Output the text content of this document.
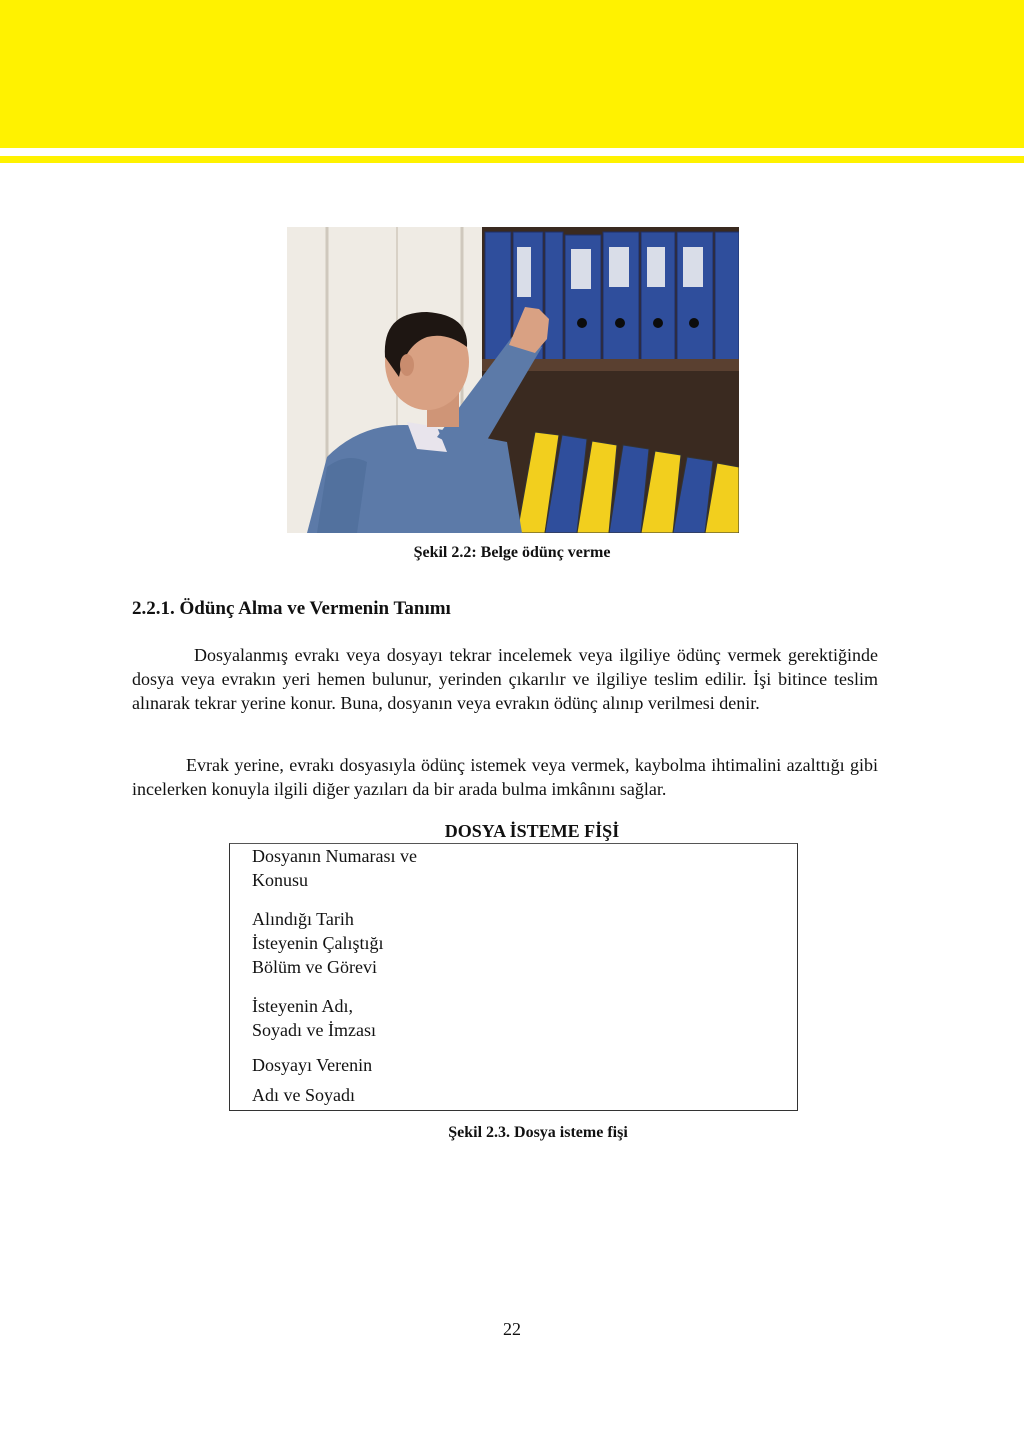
Şekil 2.2: Belge ödünç verme
2.2.1. Ödünç Alma ve Vermenin Tanımı

Dosyalanmış evrakı veya dosyayı tekrar incelemek veya ilgiliye ödünç vermek gerektiğinde dosya veya evrakın yeri hemen bulunur, yerinden çıkarılır ve ilgiliye teslim edilir. İşi bitince teslim alınarak tekrar yerine konur. Buna, dosyanın veya evrakın ödünç alınıp verilmesi denir.

Evrak yerine, evrakı dosyasıyla ödünç istemek veya vermek, kaybolma ihtimalini azalttığı gibi incelerken konuyla ilgili diğer yazıları da bir arada bulma imkânını sağlar.

DOSYA İSTEME FİŞİ
Dosyanın Numarası ve
Konusu
Alındığı Tarih
İsteyenin Çalıştığı
Bölüm ve Görevi
İsteyenin Adı,
Soyadı ve İmzası
Dosyayı Verenin
Adı ve Soyadı
Şekil 2.3. Dosya isteme fişi
22
